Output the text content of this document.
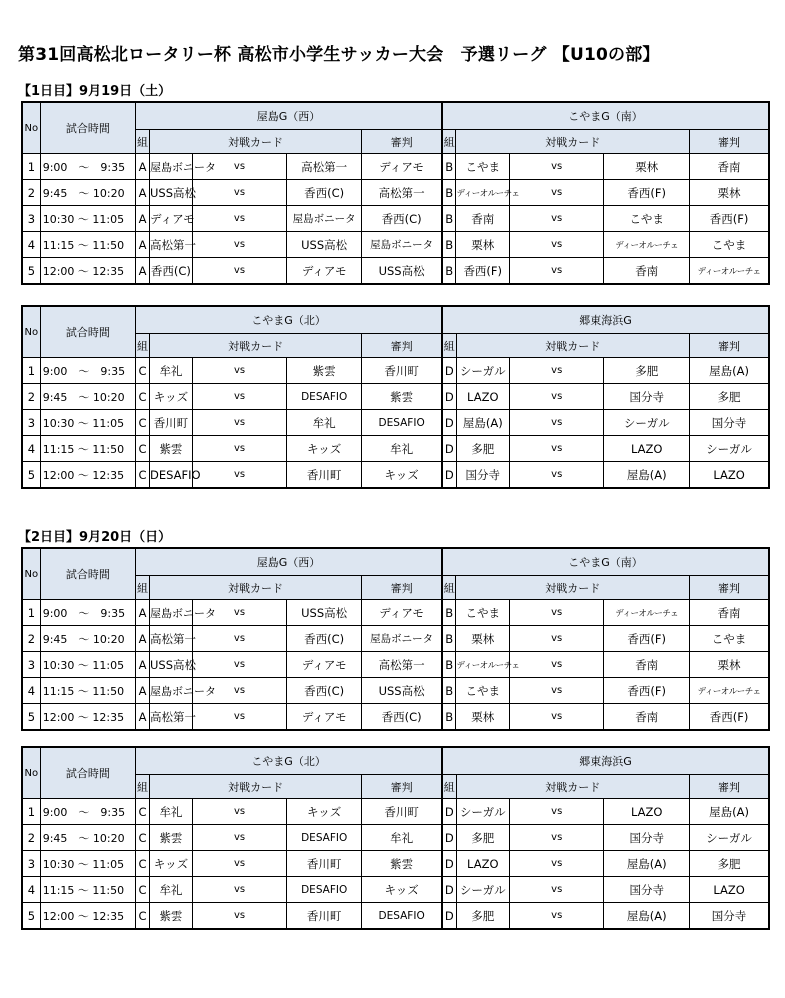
第31回高松北ロータリー杯 高松市小学生サッカー大会　予選リーグ 【U10の部】
【1日目】9月19日（土）
【2日目】9月20日（日）
No	試合時間	屋島G（西）					こやまG（南）				
		組	対戦カード			審判	組	対戦カード			審判
1	9:00　～　9:35	A	屋島ボニータ	vs	高松第一	ディアモ	B	こやま	vs	栗林	香南
2	9:45　～ 10:20	A	USS高松	vs	香西(C)	高松第一	B	ディーオルーチェ	vs	香西(F)	栗林
3	10:30 ～ 11:05	A	ディアモ	vs	屋島ボニータ	香西(C)	B	香南	vs	こやま	香西(F)
4	11:15 ～ 11:50	A	高松第一	vs	USS高松	屋島ボニータ	B	栗林	vs	ディーオルーチェ	こやま
5	12:00 ～ 12:35	A	香西(C)	vs	ディアモ	USS高松	B	香西(F)	vs	香南	ディーオルーチェ
No	試合時間	こやまG（北）					郷東海浜G				
		組	対戦カード			審判	組	対戦カード			審判
1	9:00　～　9:35	C	牟礼	vs	紫雲	香川町	D	シーガル	vs	多肥	屋島(A)
2	9:45　～ 10:20	C	キッズ	vs	DESAFIO	紫雲	D	LAZO	vs	国分寺	多肥
3	10:30 ～ 11:05	C	香川町	vs	牟礼	DESAFIO	D	屋島(A)	vs	シーガル	国分寺
4	11:15 ～ 11:50	C	紫雲	vs	キッズ	牟礼	D	多肥	vs	LAZO	シーガル
5	12:00 ～ 12:35	C	DESAFIO	vs	香川町	キッズ	D	国分寺	vs	屋島(A)	LAZO
No	試合時間	屋島G（西）					こやまG（南）				
		組	対戦カード			審判	組	対戦カード			審判
1	9:00　～　9:35	A	屋島ボニータ	vs	USS高松	ディアモ	B	こやま	vs	ディーオルーチェ	香南
2	9:45　～ 10:20	A	高松第一	vs	香西(C)	屋島ボニータ	B	栗林	vs	香西(F)	こやま
3	10:30 ～ 11:05	A	USS高松	vs	ディアモ	高松第一	B	ディーオルーチェ	vs	香南	栗林
4	11:15 ～ 11:50	A	屋島ボニータ	vs	香西(C)	USS高松	B	こやま	vs	香西(F)	ディーオルーチェ
5	12:00 ～ 12:35	A	高松第一	vs	ディアモ	香西(C)	B	栗林	vs	香南	香西(F)
No	試合時間	こやまG（北）					郷東海浜G				
		組	対戦カード			審判	組	対戦カード			審判
1	9:00　～　9:35	C	牟礼	vs	キッズ	香川町	D	シーガル	vs	LAZO	屋島(A)
2	9:45　～ 10:20	C	紫雲	vs	DESAFIO	牟礼	D	多肥	vs	国分寺	シーガル
3	10:30 ～ 11:05	C	キッズ	vs	香川町	紫雲	D	LAZO	vs	屋島(A)	多肥
4	11:15 ～ 11:50	C	牟礼	vs	DESAFIO	キッズ	D	シーガル	vs	国分寺	LAZO
5	12:00 ～ 12:35	C	紫雲	vs	香川町	DESAFIO	D	多肥	vs	屋島(A)	国分寺
